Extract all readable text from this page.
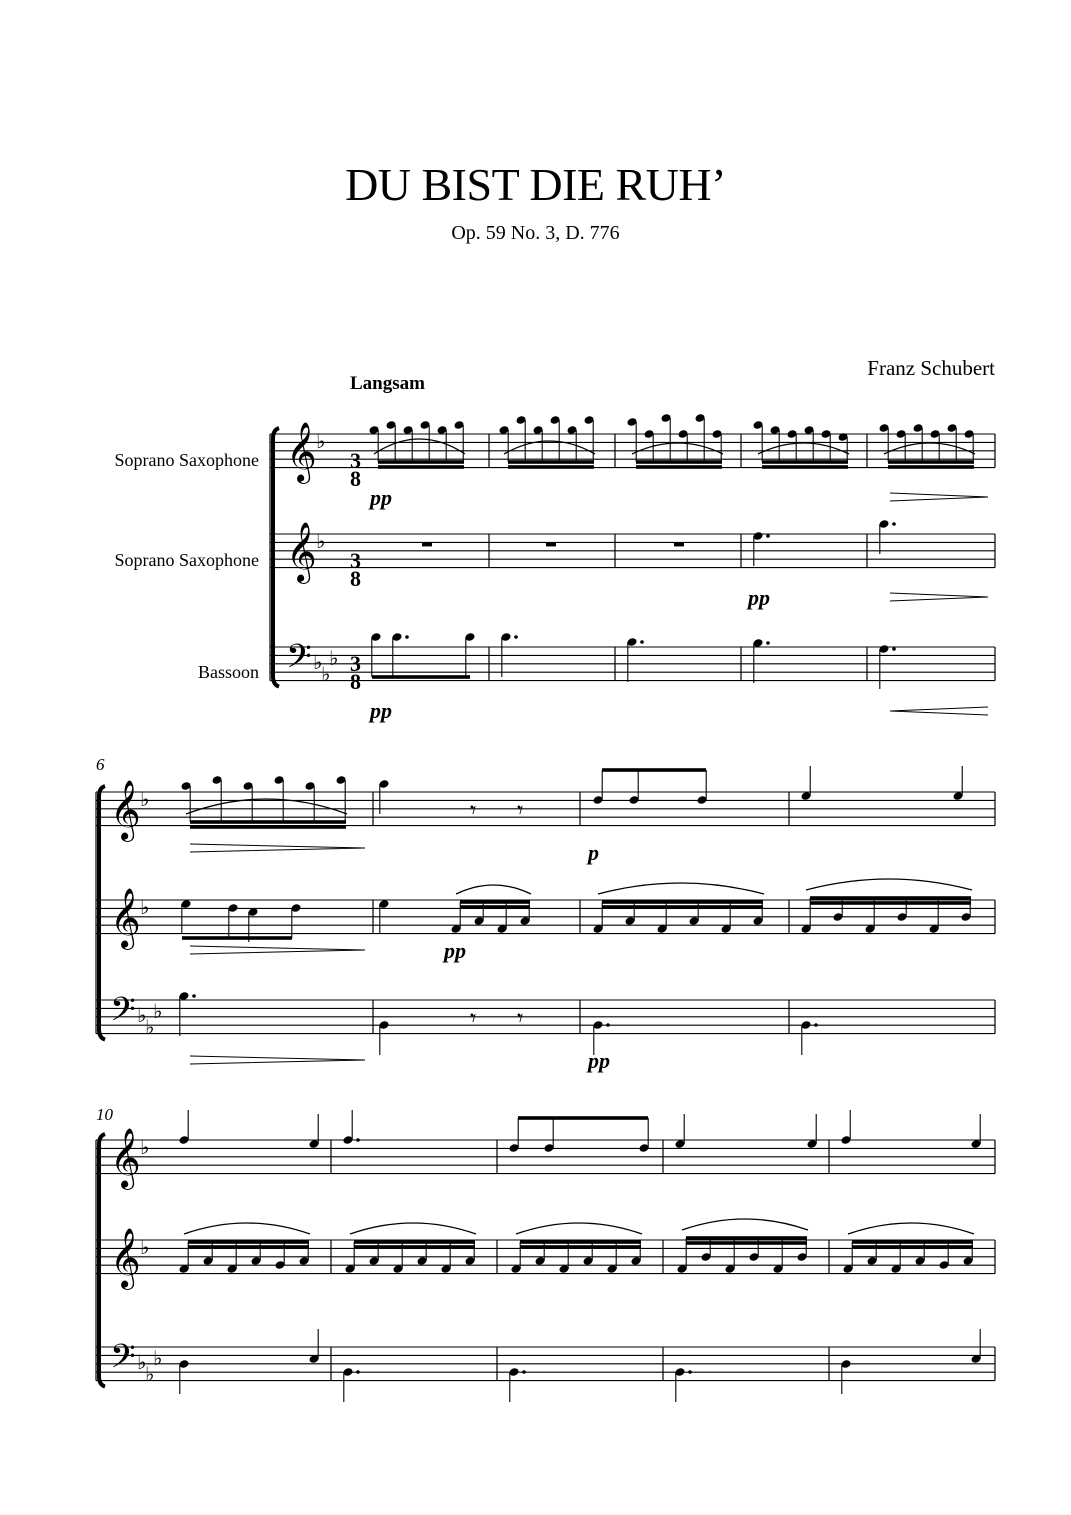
DU BIST DIE RUH’
Op. 59 No. 3, D. 776
Franz Schubert
Langsam
Soprano Saxophone
Soprano Saxophone
Bassoon
𝄞 ♭
𝄞 ♭
𝄢 ♭
♭
♭
𝄞 ♭
𝄞 ♭
𝄢 ♭
♭
♭
𝄾 𝄾
𝄾 𝄾
𝄞 ♭
𝄞 ♭
𝄢 ♭
♭
♭
6
10
3
8
3
8
3
8
pp
pp
pp
p
pp
pp
